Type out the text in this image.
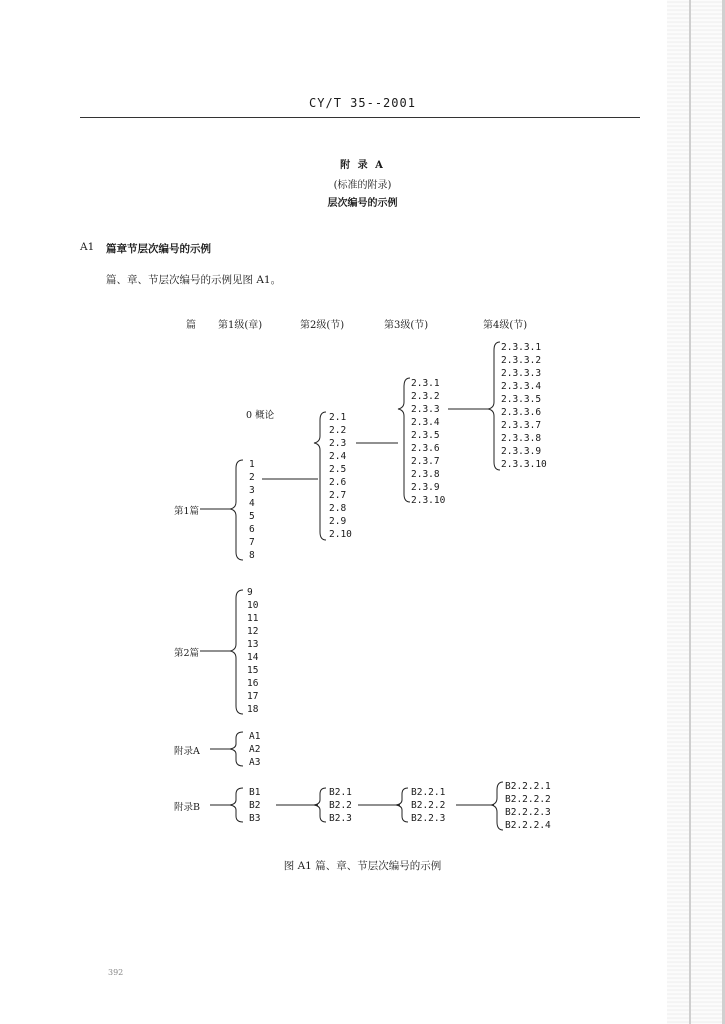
CY/T 35--2001
附 录 A
(标准的附录)
层次编号的示例
A1 篇章节层次编号的示例
篇、章、节层次编号的示例见图 A1。
篇 第1级(章)	第2级(节)	第3级(节)	第4级(节)
0 概论
第1篇
1
2
3
4
5
6
7
8
2.1
2.2
2.3
2.4
2.5
2.6
2.7
2.8
2.9
2.10
2.3.1
2.3.2
2.3.3
2.3.4
2.3.5
2.3.6
2.3.7
2.3.8
2.3.9
2.3.10
2.3.3.1
2.3.3.2
2.3.3.3
2.3.3.4
2.3.3.5
2.3.3.6
2.3.3.7
2.3.3.8
2.3.3.9
2.3.3.10
第2篇
9
10
11
12
13
14
15
16
17
18
附录A
A1
A2
A3
附录B
B1
B2
B3
B2.1
B2.2
B2.3
B2.2.1
B2.2.2
B2.2.3
B2.2.2.1
B2.2.2.2
B2.2.2.3
B2.2.2.4
图 A1 篇、章、节层次编号的示例
392
